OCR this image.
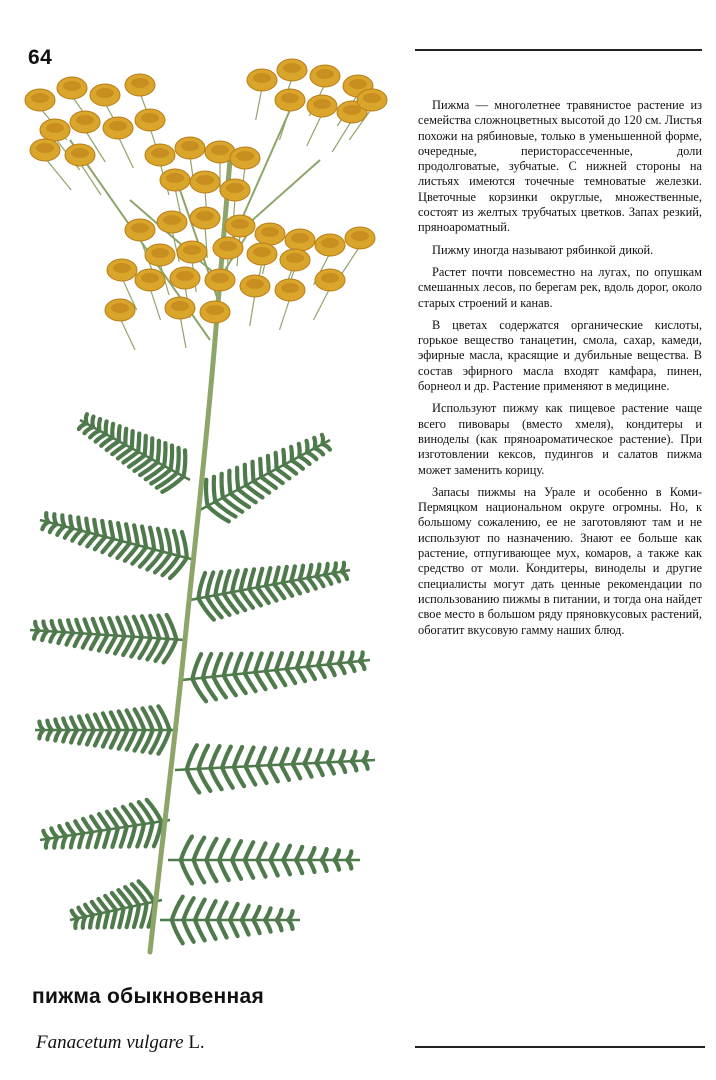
64

Пижма — многолетнее травянистое растение из семейства сложноцветных высотой до 120 см. Листья похожи на рябиновые, только в уменьшенной форме, очередные, перисторассеченные, доли продолговатые, зубчатые. С нижней стороны на листьях имеются точечные темноватые железки. Цветочные корзинки округлые, множественные, состоят из желтых трубчатых цветков. Запах резкий, пряноароматный.

Пижму иногда называют рябинкой дикой.

Растет почти повсеместно на лугах, по опушкам смешанных лесов, по берегам рек, вдоль дорог, около старых строений и канав.

В цветах содержатся органические кислоты, горькое вещество танацетин, смола, сахар, камеди, эфирные масла, красящие и дубильные вещества. В состав эфирного масла входят камфара, пинен, борнеол и др. Растение применяют в медицине.

Используют пижму как пищевое растение чаще всего пивовары (вместо хмеля), кондитеры и виноделы (как пряноароматическое растение). При изготовлении кексов, пудингов и салатов пижма может заменить корицу.

Запасы пижмы на Урале и особенно в Коми-Пермяцком национальном округе огромны. Но, к большому сожалению, ее не заготовляют там и не используют по назначению. Знают ее больше как растение, отпугивающее мух, комаров, а также как средство от моли. Кондитеры, виноделы и другие специалисты могут дать ценные рекомендации по использованию пижмы в питании, и тогда она найдет свое место в большом ряду пряновкусовых растений, обогатит вкусовую гамму наших блюд.

пижма обыкновенная
Fanacetum vulgare L.
